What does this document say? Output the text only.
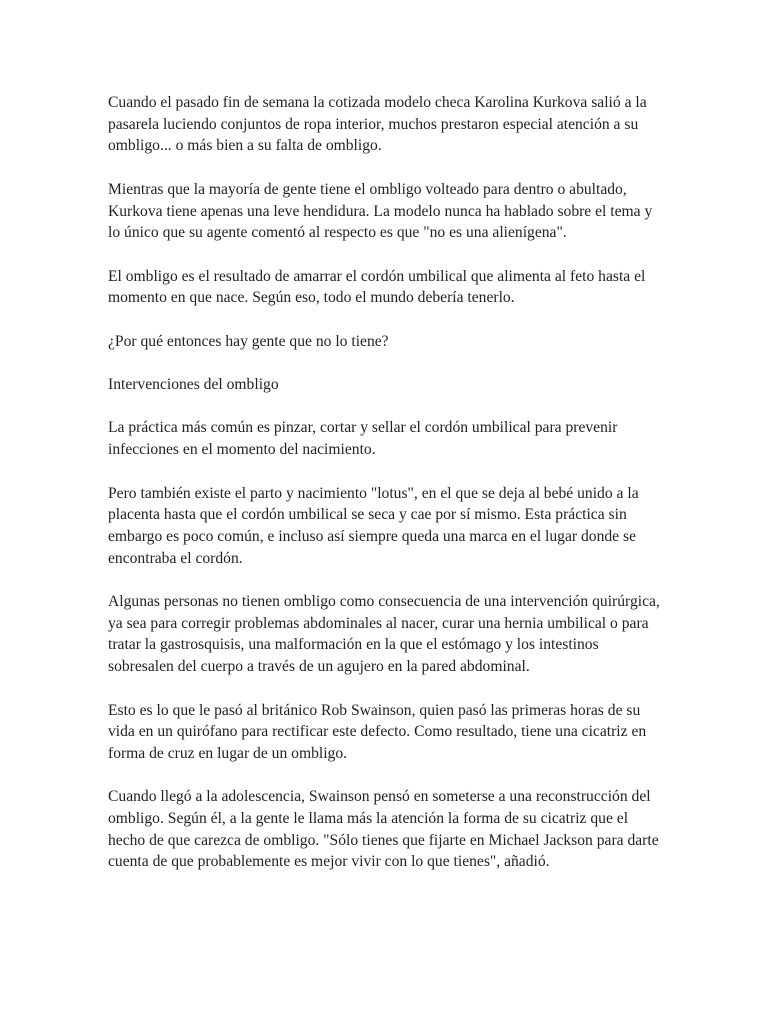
Cuando el pasado fin de semana la cotizada modelo checa Karolina Kurkova salió a la pasarela luciendo conjuntos de ropa interior, muchos prestaron especial atención a su ombligo... o más bien a su falta de ombligo.

Mientras que la mayoría de gente tiene el ombligo volteado para dentro o abultado, Kurkova tiene apenas una leve hendidura. La modelo nunca ha hablado sobre el tema y lo único que su agente comentó al respecto es que "no es una alienígena".

El ombligo es el resultado de amarrar el cordón umbilical que alimenta al feto hasta el momento en que nace. Según eso, todo el mundo debería tenerlo.

¿Por qué entonces hay gente que no lo tiene?

Intervenciones del ombligo

La práctica más común es pinzar, cortar y sellar el cordón umbilical para prevenir infecciones en el momento del nacimiento.

Pero también existe el parto y nacimiento "lotus", en el que se deja al bebé unido a la placenta hasta que el cordón umbilical se seca y cae por sí mismo. Esta práctica sin embargo es poco común, e incluso así siempre queda una marca en el lugar donde se encontraba el cordón.

Algunas personas no tienen ombligo como consecuencia de una intervención quirúrgica, ya sea para corregir problemas abdominales al nacer, curar una hernia umbilical o para tratar la gastrosquisis, una malformación en la que el estómago y los intestinos sobresalen del cuerpo a través de un agujero en la pared abdominal.

Esto es lo que le pasó al británico Rob Swainson, quien pasó las primeras horas de su vida en un quirófano para rectificar este defecto. Como resultado, tiene una cicatriz en forma de cruz en lugar de un ombligo.

Cuando llegó a la adolescencia, Swainson pensó en someterse a una reconstrucción del ombligo. Según él, a la gente le llama más la atención la forma de su cicatriz que el hecho de que carezca de ombligo. "Sólo tienes que fijarte en Michael Jackson para darte cuenta de que probablemente es mejor vivir con lo que tienes", añadió.
